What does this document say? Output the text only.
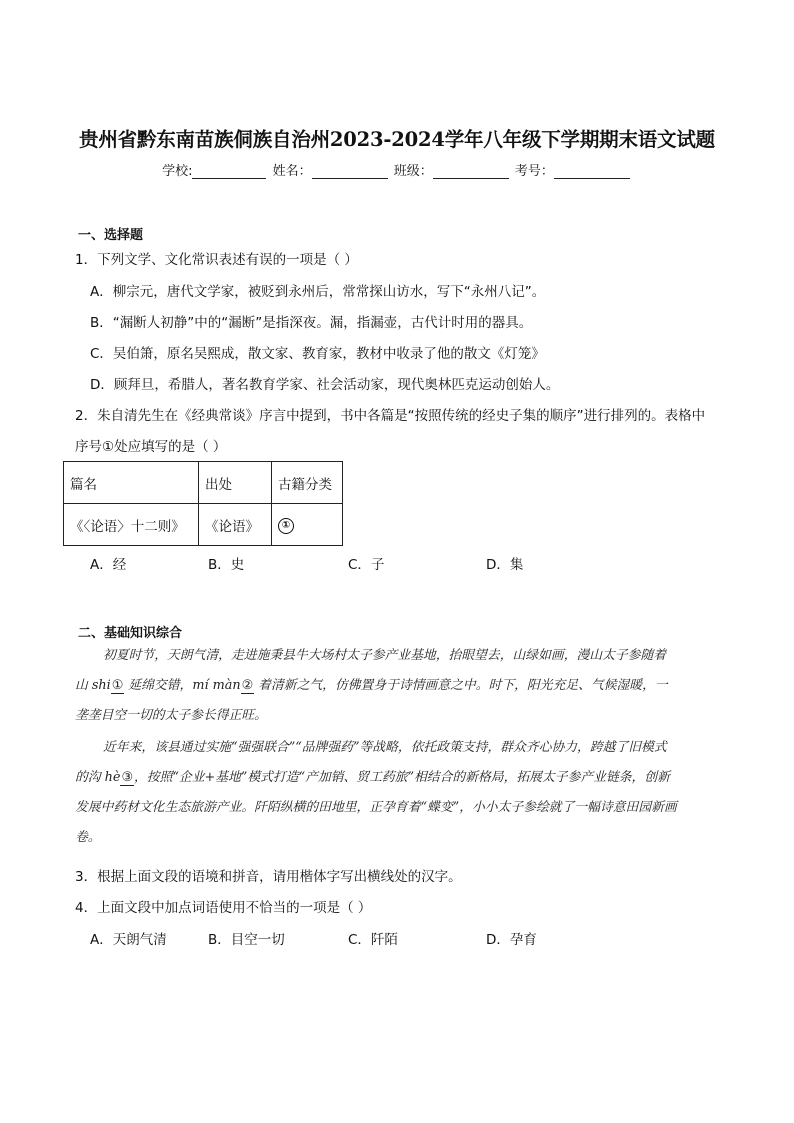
贵州省黔东南苗族侗族自治州2023-2024学年八年级下学期期末语文试题
学校:	姓名：	班级：	考号：
一、选择题
1．下列文学、文化常识表述有误的一项是（ ）
A．柳宗元，唐代文学家，被贬到永州后，常常探山访水，写下“永州八记”。
B．“漏断人初静”中的“漏断”是指深夜。漏，指漏壶，古代计时用的器具。
C．吴伯箫，原名吴熙成，散文家、教育家，教材中收录了他的散文《灯笼》
D．顾拜旦，希腊人，著名教育学家、社会活动家，现代奥林匹克运动创始人。
2．朱自清先生在《经典常谈》序言中提到，书中各篇是“按照传统的经史子集的顺序”进行排列的。表格中
序号①处应填写的是（ ）
篇名	出处	古籍分类
《〈论语〉十二则》	《论语》	①
A．经	B．史	C．子	D．集
二、基础知识综合
初夏时节，天朗气清，走进施秉县牛大场村太子参产业基地，抬眼望去，山绿如画，漫山太子参随着
山 shi① 延绵交错，mí màn② 着清新之气，仿佛置身于诗情画意之中。时下，阳光充足、气候湿暖，一
垄垄目空一切的太子参长得正旺。
近年来，该县通过实施“强强联合”“品牌强药”等战略，依托政策支持，群众齐心协力，跨越了旧模式
的沟 hè③，按照“企业+基地”模式打造“产加销、贸工药旅”相结合的新格局，拓展太子参产业链条，创新
发展中药材文化生态旅游产业。阡陌纵横的田地里，正孕育着“蝶变”，小小太子参绘就了一幅诗意田园新画
卷。
3．根据上面文段的语境和拼音，请用楷体字写出横线处的汉字。
4．上面文段中加点词语使用不恰当的一项是（ ）
A．天朗气清	B．目空一切	C．阡陌	D．孕育
